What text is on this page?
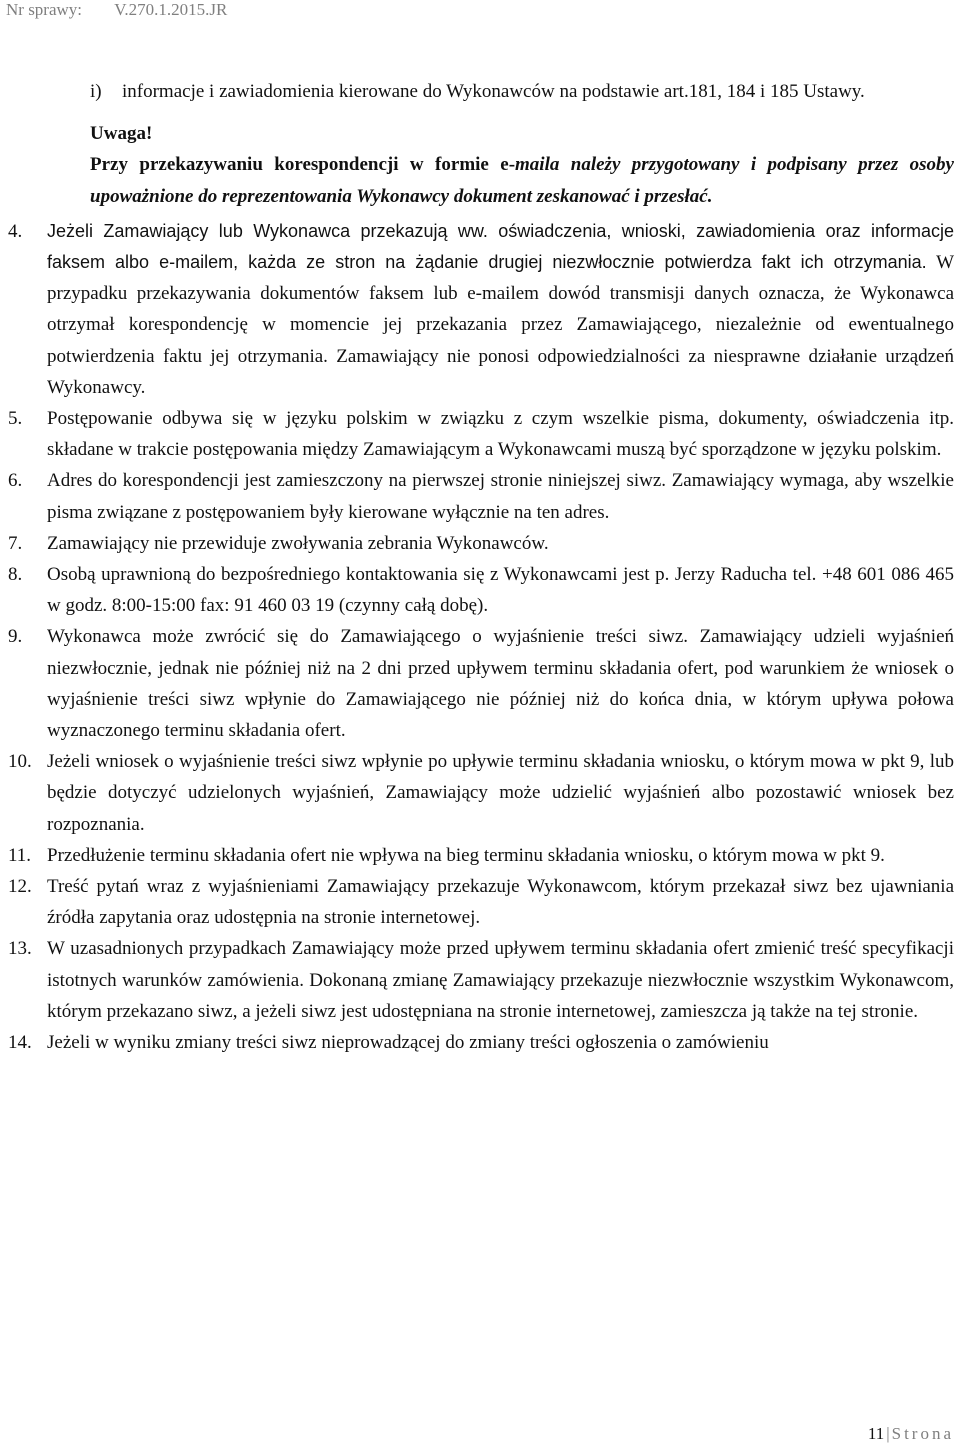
Nr sprawy: V.270.1.2015.JR
i) informacje i zawiadomienia kierowane do Wykonawców na podstawie art.181, 184 i 185 Ustawy.
Uwaga!
Przy przekazywaniu korespondencji w formie e-maila należy przygotowany i podpisany przez osoby upoważnione do reprezentowania Wykonawcy dokument zeskanować i przesłać.
4. Jeżeli Zamawiający lub Wykonawca przekazują ww. oświadczenia, wnioski, zawiadomienia oraz informacje faksem albo e-mailem, każda ze stron na żądanie drugiej niezwłocznie potwierdza fakt ich otrzymania. W przypadku przekazywania dokumentów faksem lub e-mailem dowód transmisji danych oznacza, że Wykonawca otrzymał korespondencję w momencie jej przekazania przez Zamawiającego, niezależnie od ewentualnego potwierdzenia faktu jej otrzymania. Zamawiający nie ponosi odpowiedzialności za niesprawne działanie urządzeń Wykonawcy.
5. Postępowanie odbywa się w języku polskim w związku z czym wszelkie pisma, dokumenty, oświadczenia itp. składane w trakcie postępowania między Zamawiającym a Wykonawcami muszą być sporządzone w języku polskim.
6. Adres do korespondencji jest zamieszczony na pierwszej stronie niniejszej siwz. Zamawiający wymaga, aby wszelkie pisma związane z postępowaniem były kierowane wyłącznie na ten adres.
7. Zamawiający nie przewiduje zwoływania zebrania Wykonawców.
8. Osobą uprawnioną do bezpośredniego kontaktowania się z Wykonawcami jest p. Jerzy Raducha tel. +48 601 086 465 w godz. 8:00-15:00 fax: 91 460 03 19 (czynny całą dobę).
9. Wykonawca może zwrócić się do Zamawiającego o wyjaśnienie treści siwz. Zamawiający udzieli wyjaśnień niezwłocznie, jednak nie później niż na 2 dni przed upływem terminu składania ofert, pod warunkiem że wniosek o wyjaśnienie treści siwz wpłynie do Zamawiającego nie później niż do końca dnia, w którym upływa połowa wyznaczonego terminu składania ofert.
10. Jeżeli wniosek o wyjaśnienie treści siwz wpłynie po upływie terminu składania wniosku, o którym mowa w pkt 9, lub będzie dotyczyć udzielonych wyjaśnień, Zamawiający może udzielić wyjaśnień albo pozostawić wniosek bez rozpoznania.
11. Przedłużenie terminu składania ofert nie wpływa na bieg terminu składania wniosku, o którym mowa w pkt 9.
12. Treść pytań wraz z wyjaśnieniami Zamawiający przekazuje Wykonawcom, którym przekazał siwz bez ujawniania źródła zapytania oraz udostępnia na stronie internetowej.
13. W uzasadnionych przypadkach Zamawiający może przed upływem terminu składania ofert zmienić treść specyfikacji istotnych warunków zamówienia. Dokonaną zmianę Zamawiający przekazuje niezwłocznie wszystkim Wykonawcom, którym przekazano siwz, a jeżeli siwz jest udostępniana na stronie internetowej, zamieszcza ją także na tej stronie.
14. Jeżeli w wyniku zmiany treści siwz nieprowadzącej do zmiany treści ogłoszenia o zamówieniu
11 | Strona
